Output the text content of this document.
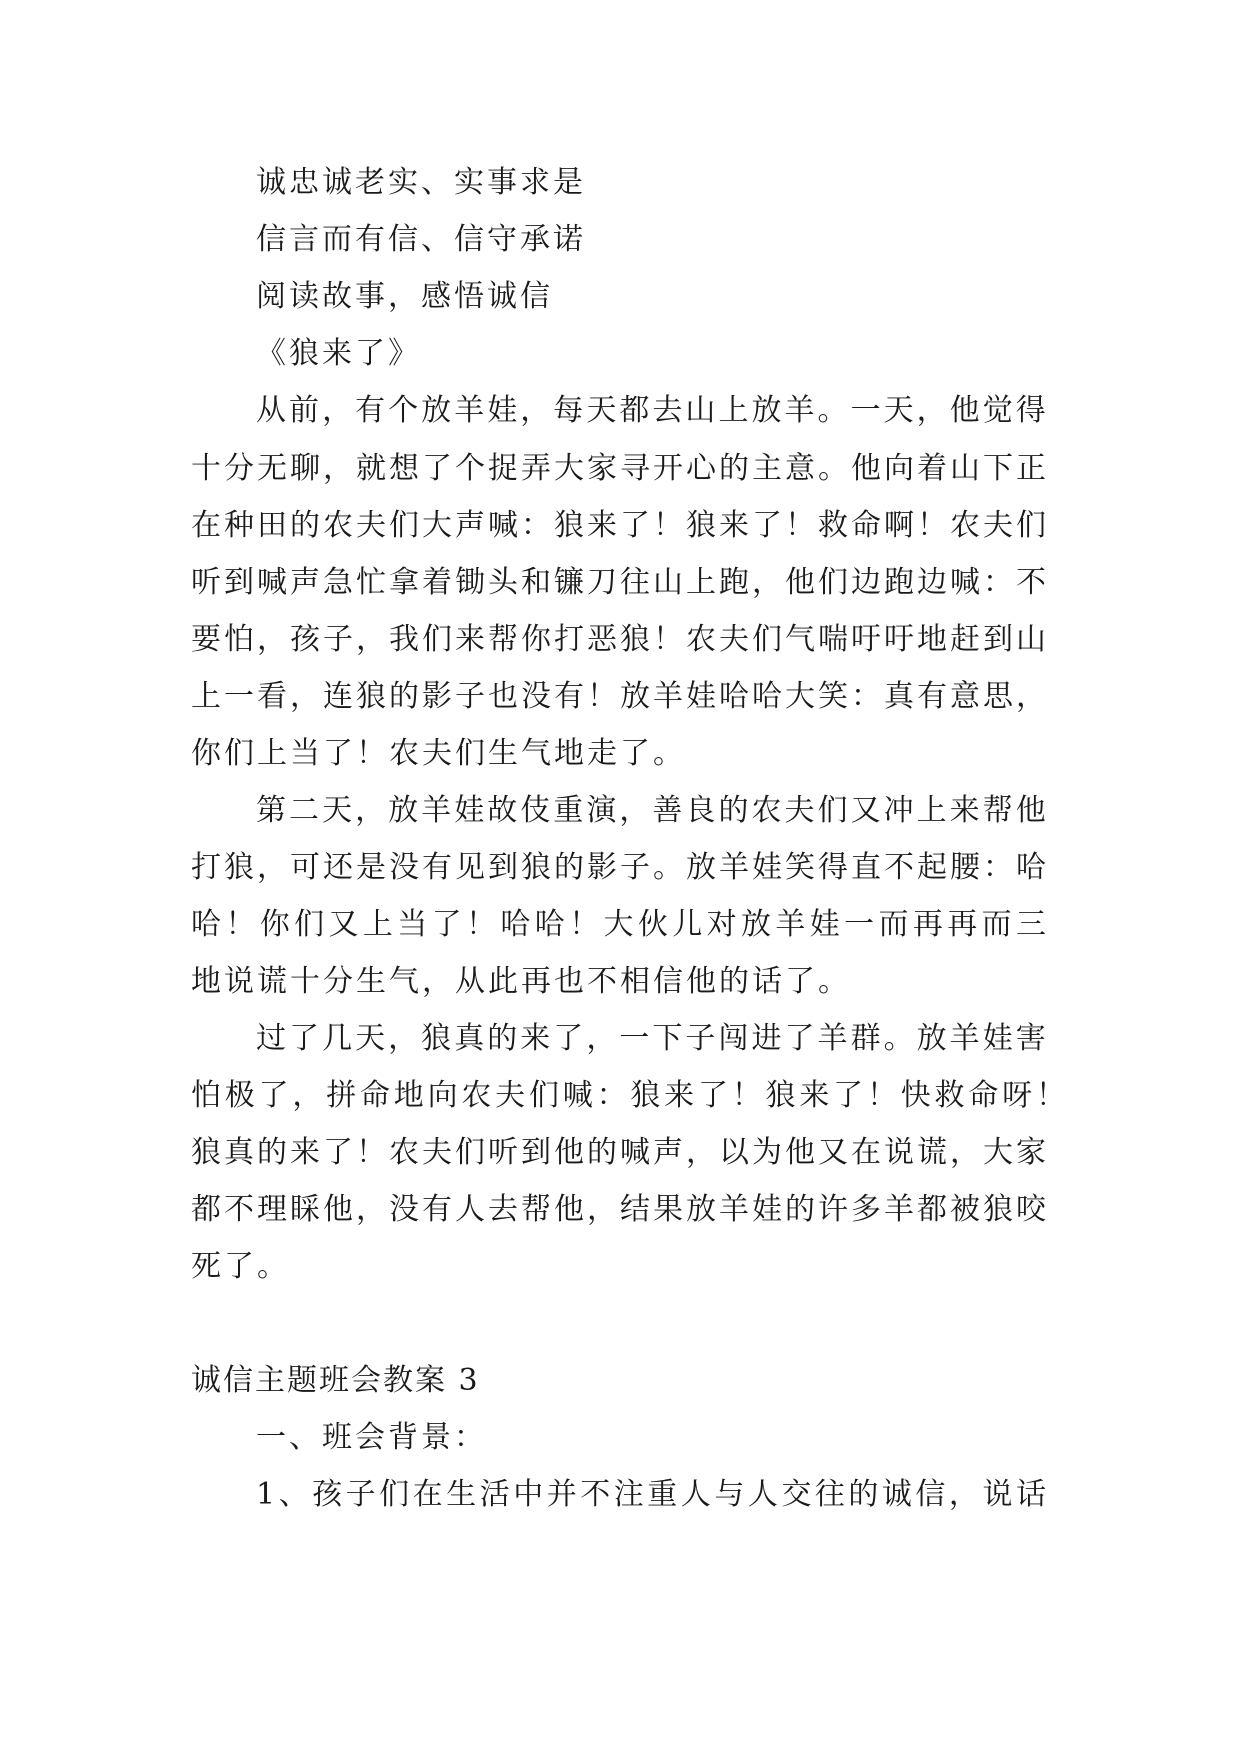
诚忠诚老实、实事求是
信言而有信、信守承诺
阅读故事，感悟诚信
《狼来了》
从 前 ， 有 个 放 羊 娃 ， 每 天 都 去 山 上 放 羊 。 一 天 ， 他 觉 得
十 分 无 聊 ， 就 想 了 个 捉 弄 大 家 寻 开 心 的 主 意 。 他 向 着 山 下 正
在 种 田 的 农 夫 们 大 声 喊 ： 狼 来 了 ！ 狼 来 了 ！ 救 命 啊 ！ 农 夫 们
听 到 喊 声 急 忙 拿 着 锄 头 和 镰 刀 往 山 上 跑 ， 他 们 边 跑 边 喊 ： 不
要 怕 ， 孩 子 ， 我 们 来 帮 你 打 恶 狼 ！ 农 夫 们 气 喘 吁 吁 地 赶 到 山
上 一 看 ， 连 狼 的 影 子 也 没 有 ！ 放 羊 娃 哈 哈 大 笑 ： 真 有 意 思 ，
你们上当了！农夫们生气地走了。
第 二 天 ， 放 羊 娃 故 伎 重 演 ， 善 良 的 农 夫 们 又 冲 上 来 帮 他
打 狼 ， 可 还 是 没 有 见 到 狼 的 影 子 。 放 羊 娃 笑 得 直 不 起 腰 ： 哈
哈 ！ 你 们 又 上 当 了 ！ 哈 哈 ！ 大 伙 儿 对 放 羊 娃 一 而 再 再 而 三
地说谎十分生气，从此再也不相信他的话了。
过 了 几 天 ， 狼 真 的 来 了 ， 一 下 子 闯 进 了 羊 群 。 放 羊 娃 害
怕 极 了 ， 拼 命 地 向 农 夫 们 喊 ： 狼 来 了 ！ 狼 来 了 ！ 快 救 命 呀 ！
狼 真 的 来 了 ！ 农 夫 们 听 到 他 的 喊 声 ， 以 为 他 又 在 说 谎 ， 大 家
都 不 理 睬 他 ， 没 有 人 去 帮 他 ， 结 果 放 羊 娃 的 许 多 羊 都 被 狼 咬
死了。
诚信主题班会教案 3
一、班会背景：
1 、 孩 子 们 在 生 活 中 并 不 注 重 人 与 人 交 往 的 诚 信 ， 说 话
